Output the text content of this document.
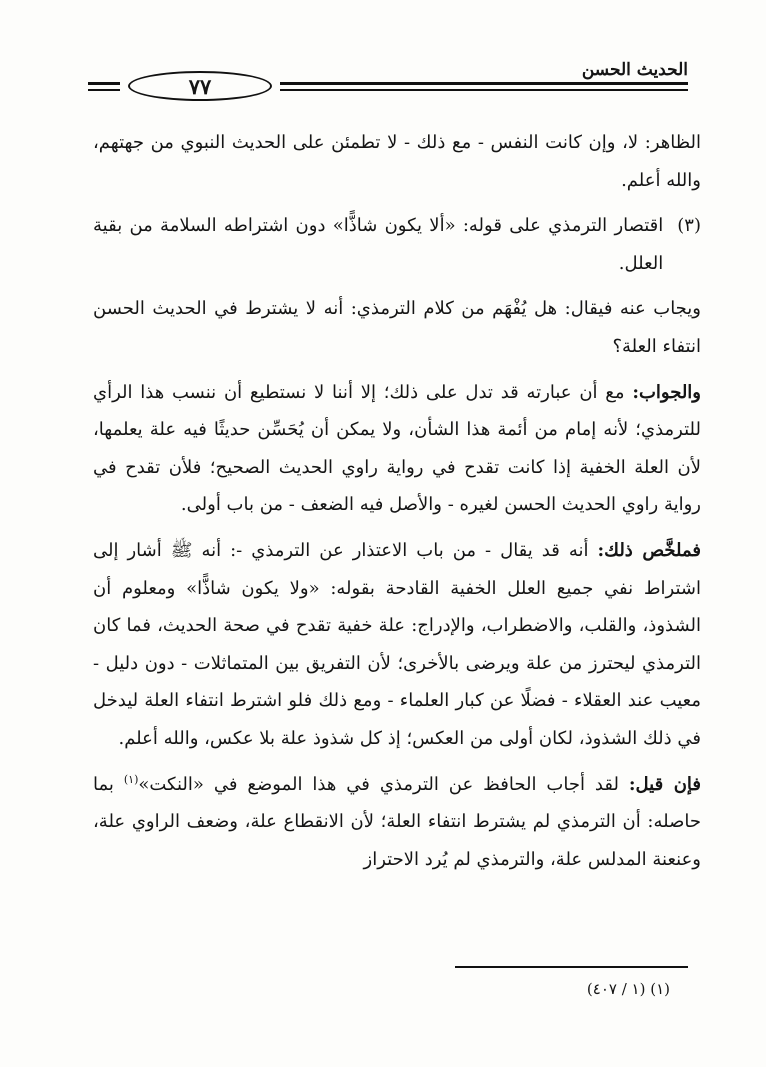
الحديث الحسن
٧٧

الظاهر: لا، وإن كانت النفس - مع ذلك - لا تطمئن على الحديث النبوي من جهتهم، والله أعلم.

(٣)
اقتصار الترمذي على قوله: «ألا يكون شاذًّا» دون اشتراطه السلامة من بقية العلل.

ويجاب عنه فيقال: هل يُفْهَم من كلام الترمذي: أنه لا يشترط في الحديث الحسن انتفاء العلة؟

والجواب: مع أن عبارته قد تدل على ذلك؛ إلا أننا لا نستطيع أن ننسب هذا الرأي للترمذي؛ لأنه إمام من أئمة هذا الشأن، ولا يمكن أن يُحَسِّن حديثًا فيه علة يعلمها، لأن العلة الخفية إذا كانت تقدح في رواية راوي الحديث الصحيح؛ فلأن تقدح في رواية راوي الحديث الحسن لغيره - والأصل فيه الضعف - من باب أولى.

فملخَّص ذلك: أنه قد يقال - من باب الاعتذار عن الترمذي -: أنه ﷺ أشار إلى اشتراط نفي جميع العلل الخفية القادحة بقوله: «ولا يكون شاذًّا» ومعلوم أن الشذوذ، والقلب، والاضطراب، والإدراج: علة خفية تقدح في صحة الحديث، فما كان الترمذي ليحترز من علة ويرضى بالأخرى؛ لأن التفريق بين المتماثلات - دون دليل - معيب عند العقلاء - فضلًا عن كبار العلماء - ومع ذلك فلو اشترط انتفاء العلة ليدخل في ذلك الشذوذ، لكان أولى من العكس؛ إذ كل شذوذ علة بلا عكس، والله أعلم.

فإن قيل: لقد أجاب الحافظ عن الترمذي في هذا الموضع في «النكت»$^{(١)}$ بما حاصله: أن الترمذي لم يشترط انتفاء العلة؛ لأن الانقطاع علة، وضعف الراوي علة، وعنعنة المدلس علة، والترمذي لم يُرد الاحتراز

(١) (١ / ٤٠٧)
